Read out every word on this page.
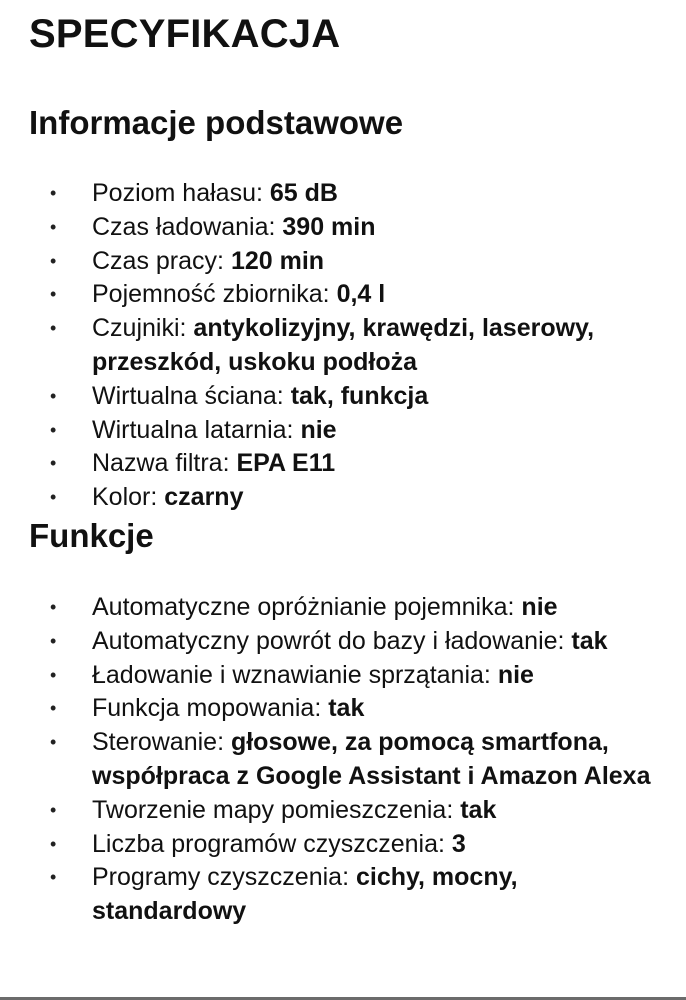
SPECYFIKACJA
Informacje podstawowe
• Poziom hałasu: 65 dB
• Czas ładowania: 390 min
• Czas pracy: 120 min
• Pojemność zbiornika: 0,4 l
• Czujniki: antykolizyjny, krawędzi, laserowy, przeszkód, uskoku podłoża
• Wirtualna ściana: tak, funkcja
• Wirtualna latarnia: nie
• Nazwa filtra: EPA E11
• Kolor: czarny
Funkcje
• Automatyczne opróżnianie pojemnika: nie
• Automatyczny powrót do bazy i ładowanie: tak
• Ładowanie i wznawianie sprzątania: nie
• Funkcja mopowania: tak
• Sterowanie: głosowe, za pomocą smartfona, współpraca z Google Assistant i Amazon Alexa
• Tworzenie mapy pomieszczenia: tak
• Liczba programów czyszczenia: 3
• Programy czyszczenia: cichy, mocny, standardowy
